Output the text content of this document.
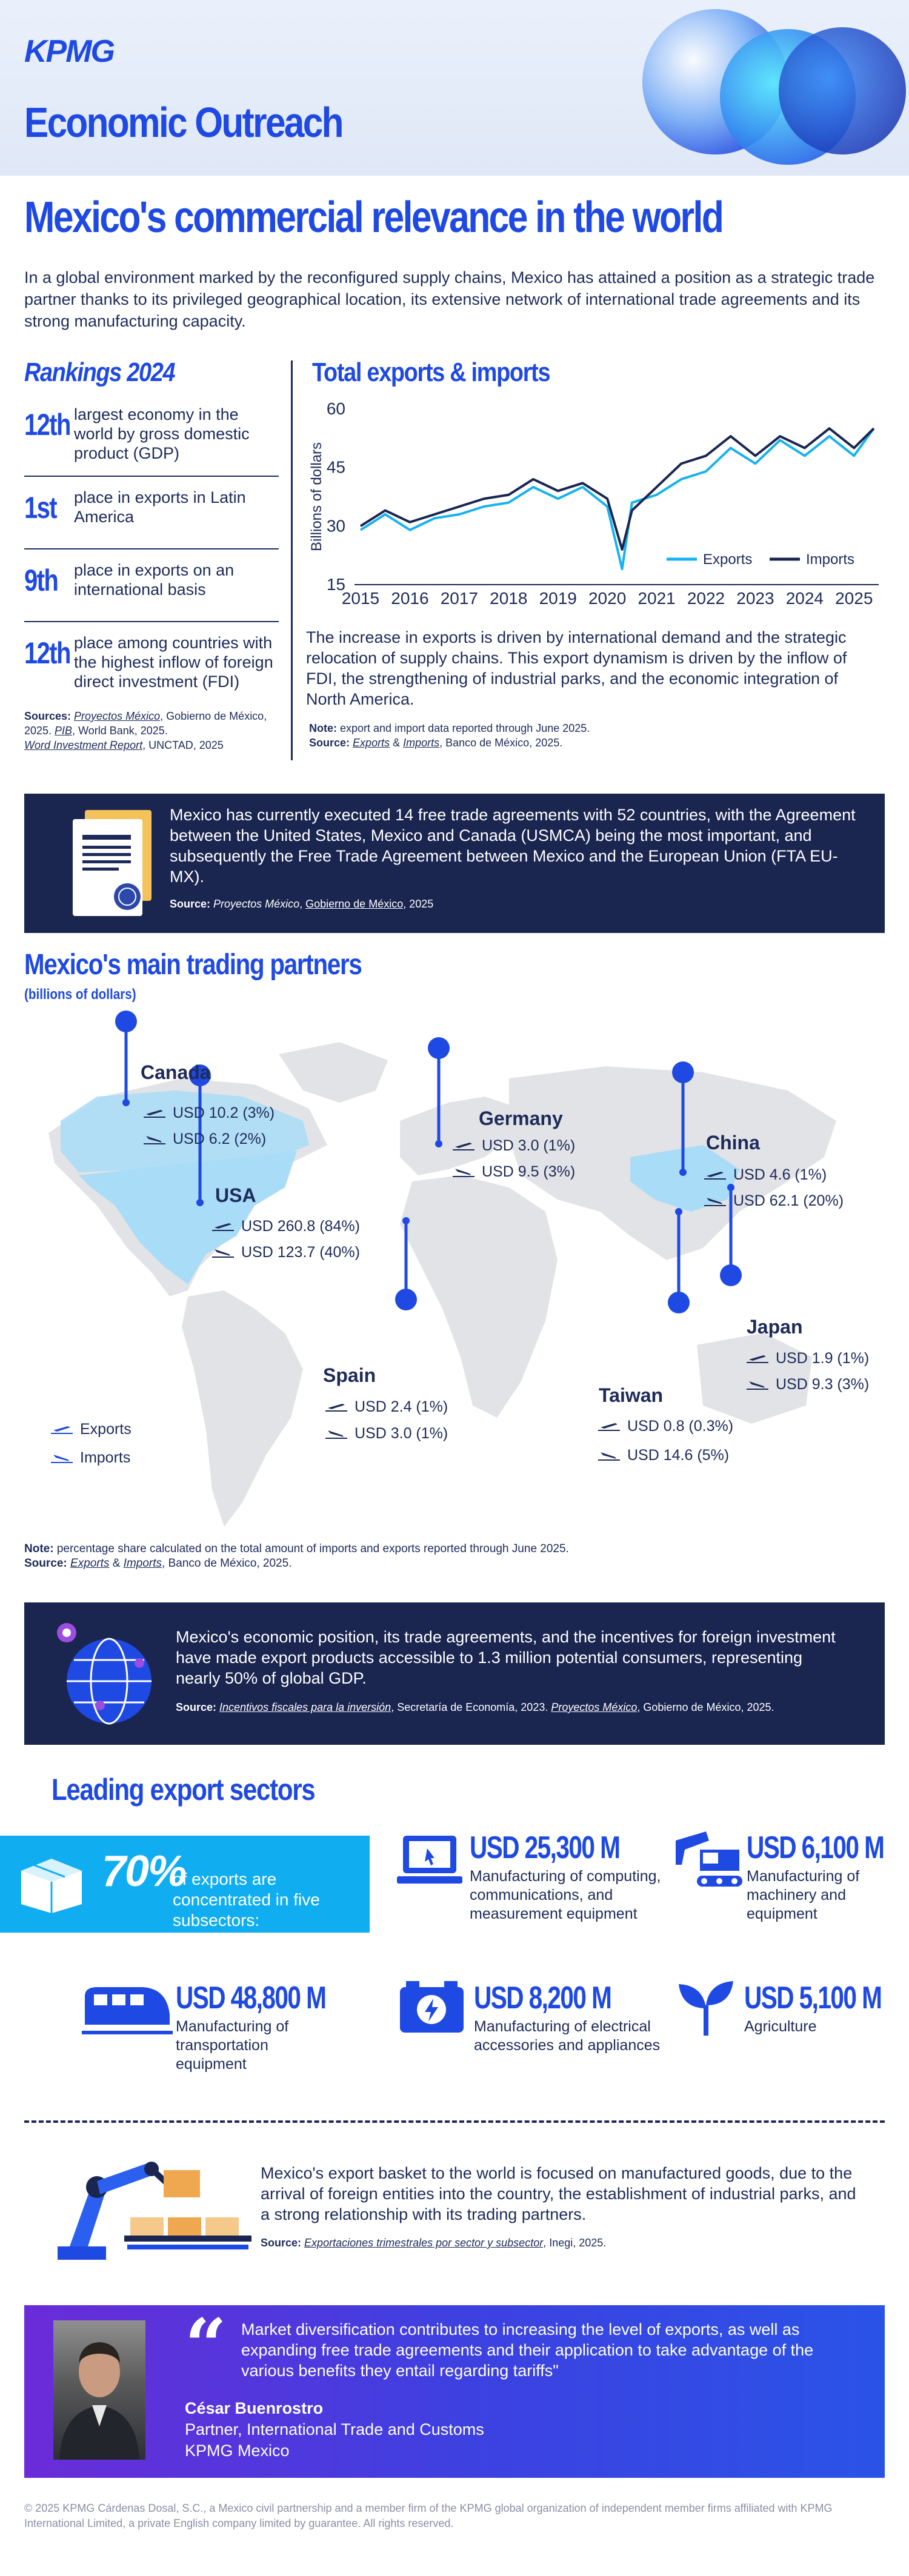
KPMG
Economic Outreach
Mexico's commercial relevance in the world
In a global environment marked by the reconfigured supply chains, Mexico has attained a position as a strategic trade partner thanks to its privileged geographical location, its extensive network of international trade agreements and its strong manufacturing capacity.
Rankings 2024
12th largest economy in the world by gross domestic product (GDP)
1st place in exports in Latin America
9th place in exports on an international basis
12th place among countries with the highest inflow of foreign direct investment (FDI)
Sources: Proyectos México, Gobierno de México, 2025. PIB, World Bank, 2025.
Word Investment Report, UNCTAD, 2025
Total exports & imports
15
30
45
60
Billions of dollars
2015 2016 2017 2018 2019 2020 2021 2022 2023 2024 2025
Exports	Imports
The increase in exports is driven by international demand and the strategic relocation of supply chains. This export dynamism is driven by the inflow of FDI, the strengthening of industrial parks, and the economic integration of North America.
Note: export and import data reported through June 2025.
Source: Exports & Imports, Banco de México, 2025.
Mexico has currently executed 14 free trade agreements with 52 countries, with the Agreement between the United States, Mexico and Canada (USMCA) being the most important, and subsequently the Free Trade Agreement between Mexico and the European Union (FTA EU-MX).
Source: Proyectos México, Gobierno de México, 2025
Mexico's main trading partners
(billions of dollars)
Canada
USD 10.2 (3%)
USD 6.2 (2%)
USA
USD 260.8 (84%)
USD 123.7 (40%)
Germany
USD 3.0 (1%)
USD 9.5 (3%)
China
USD 4.6 (1%)
USD 62.1 (20%)
Japan
USD 1.9 (1%)
USD 9.3 (3%)
Spain
USD 2.4 (1%)
USD 3.0 (1%)
Taiwan
USD 0.8 (0.3%)
USD 14.6 (5%)
Exports
Imports
Note: percentage share calculated on the total amount of imports and exports reported through June 2025.
Source: Exports & Imports, Banco de México, 2025.
Mexico's economic position, its trade agreements, and the incentives for foreign investment have made export products accessible to 1.3 million potential consumers, representing nearly 50% of global GDP.
Source: Incentivos fiscales para la inversión, Secretaría de Economía, 2023. Proyectos México, Gobierno de México, 2025.
Leading export sectors
70%
of exports are concentrated in five subsectors:
USD 25,300 M
Manufacturing of computing, communications, and measurement equipment
USD 6,100 M
Manufacturing of machinery and equipment
USD 48,800 M
Manufacturing of transportation equipment
USD 8,200 M
Manufacturing of electrical accessories and appliances
USD 5,100 M
Agriculture
Mexico's export basket to the world is focused on manufactured goods, due to the arrival of foreign entities into the country, the establishment of industrial parks, and a strong relationship with its trading partners.
Source: Exportaciones trimestrales por sector y subsector, Inegi, 2025.
“ Market diversification contributes to increasing the level of exports, as well as expanding free trade agreements and their application to take advantage of the various benefits they entail regarding tariffs"
César Buenrostro
Partner, International Trade and Customs
KPMG Mexico
© 2025 KPMG Cárdenas Dosal, S.C., a Mexico civil partnership and a member firm of the KPMG global organization of independent member firms affiliated with KPMG International Limited, a private English company limited by guarantee. All rights reserved.
